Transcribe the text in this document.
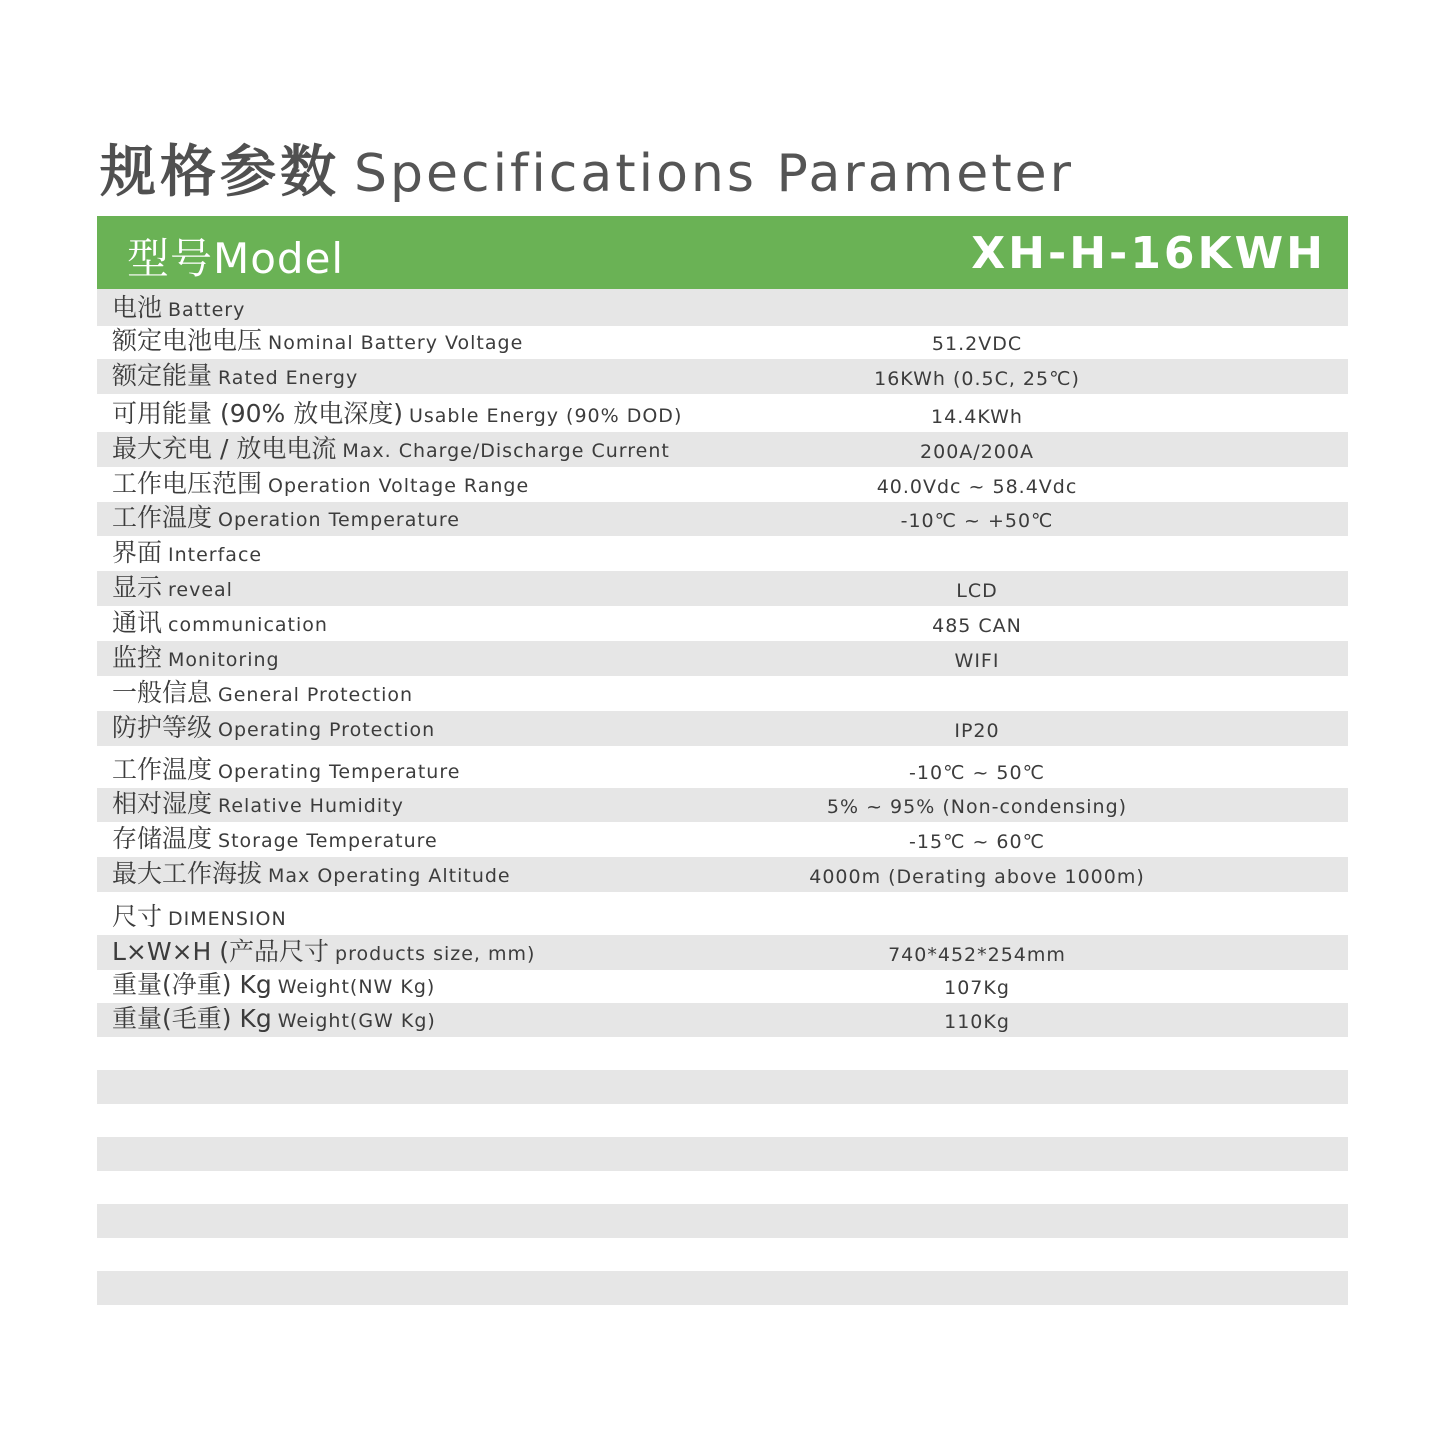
规格参数 Specifications Parameter
型号Model	XH-H-16KWH
电池 Battery
额定电池电压 Nominal Battery Voltage	51.2VDC
额定能量 Rated Energy	16KWh (0.5C, 25℃)
可用能量 (90% 放电深度) Usable Energy (90% DOD)	14.4KWh
最大充电 / 放电电流 Max. Charge/Discharge Current	200A/200A
工作电压范围 Operation Voltage Range	40.0Vdc ~ 58.4Vdc
工作温度 Operation Temperature	-10℃ ~ +50℃
界面 Interface
显示 reveal	LCD
通讯 communication	485 CAN
监控 Monitoring	WIFI
一般信息 General Protection
防护等级 Operating Protection	IP20
工作温度 Operating Temperature	-10℃ ~ 50℃
相对湿度 Relative Humidity	5% ~ 95% (Non-condensing)
存储温度 Storage Temperature	-15℃ ~ 60℃
最大工作海拔 Max Operating Altitude	4000m (Derating above 1000m)
尺寸 DIMENSION
L×W×H (产品尺寸 products size, mm)	740*452*254mm
重量(净重) Kg Weight(NW Kg)	107Kg
重量(毛重) Kg Weight(GW Kg)	110Kg
